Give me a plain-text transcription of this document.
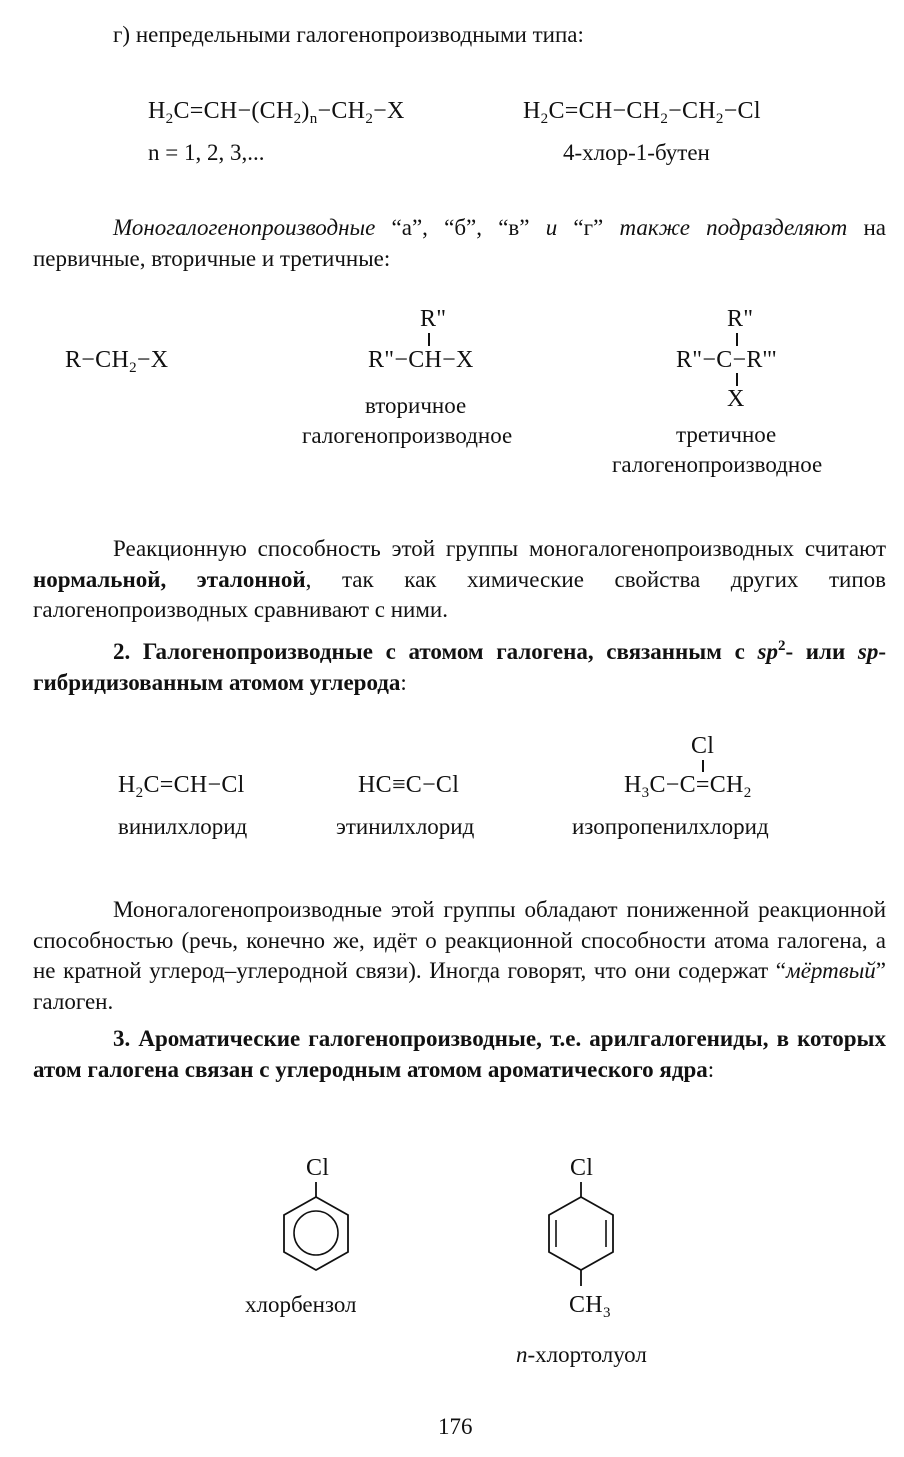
г) непредельными галогенопроизводными типа:
$H_2C=CH-(CH_2)_n-CH_2-X$
n = 1, 2, 3,...
$H_2C=CH-CH_2-CH_2-Cl$
4-хлор-1-бутен
Моногалогенопроизводные “а”, “б”, “в” и “г” также подразделяют на первичные, вторичные и третичные:
$R-CH_2-X$
R"
R"−CH−X
вторичное
галогенопроизводное
R"
R"−C−R'''
X
третичное
галогенопроизводное
Реакционную способность этой группы моногалогенопроизводных считают нормальной, эталонной, так как химические свойства других типов галогенопроизводных сравнивают с ними.
2. Галогенопроизводные с атомом галогена, связанным с $sp^2-$ или sp-гибридизованным атомом углерода:
$H_2C=CH-Cl$
винилхлорид
HC≡C−Cl
этинилхлорид
Cl
$H_3C-C=CH_2$
изопропенилхлорид
Моногалогенопроизводные этой группы обладают пониженной реакционной способностью (речь, конечно же, идёт о реакционной способности атома галогена, а не кратной углерод–углеродной связи). Иногда говорят, что они содержат “мёртвый” галоген.
3. Ароматические галогенопроизводные, т.е. арилгалогениды, в которых атом галогена связан с углеродным атомом ароматического ядра:
Cl
хлорбензол
Cl
$CH_3$
n-хлортолуол
176
